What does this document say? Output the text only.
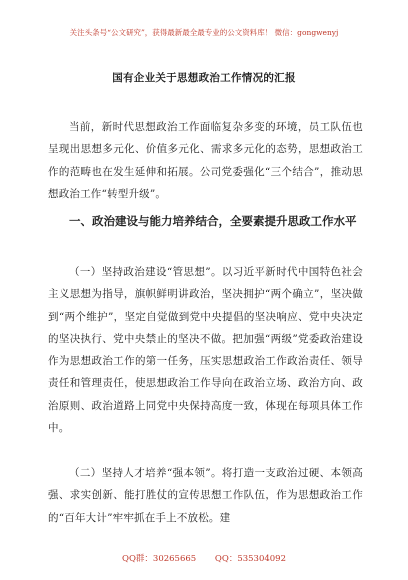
关注头条号“公文研究”，获得最新最全最专业的公文资料库！ 微信：gongwenyj
国有企业关于思想政治工作情况的汇报

当前，新时代思想政治工作面临复杂多变的环境，员工队伍也呈现出思想多元化、价值多元化、需求多元化的态势，思想政治工作的范畴也在发生延伸和拓展。公司党委强化“三个结合”，推动思想政治工作“转型升级”。

一、政治建设与能力培养结合，全要素提升思政工作水平

（一）坚持政治建设“管思想”。以习近平新时代中国特色社会主义思想为指导，旗帜鲜明讲政治，坚决拥护“两个确立”，坚决做到“两个维护”，坚定自觉做到党中央提倡的坚决响应、党中央决定的坚决执行、党中央禁止的坚决不做。把加强“两级”党委政治建设作为思想政治工作的第一任务，压实思想政治工作政治责任、领导责任和管理责任，使思想政治工作导向在政治立场、政治方向、政治原则、政治道路上同党中央保持高度一致，体现在每项具体工作中。

（二）坚持人才培养“强本领”。将打造一支政治过硬、本领高强、求实创新、能打胜仗的宣传思想工作队伍，作为思想政治工作的“百年大计”牢牢抓在手上不放松。建

QQ群：30265665 QQ：535304092
